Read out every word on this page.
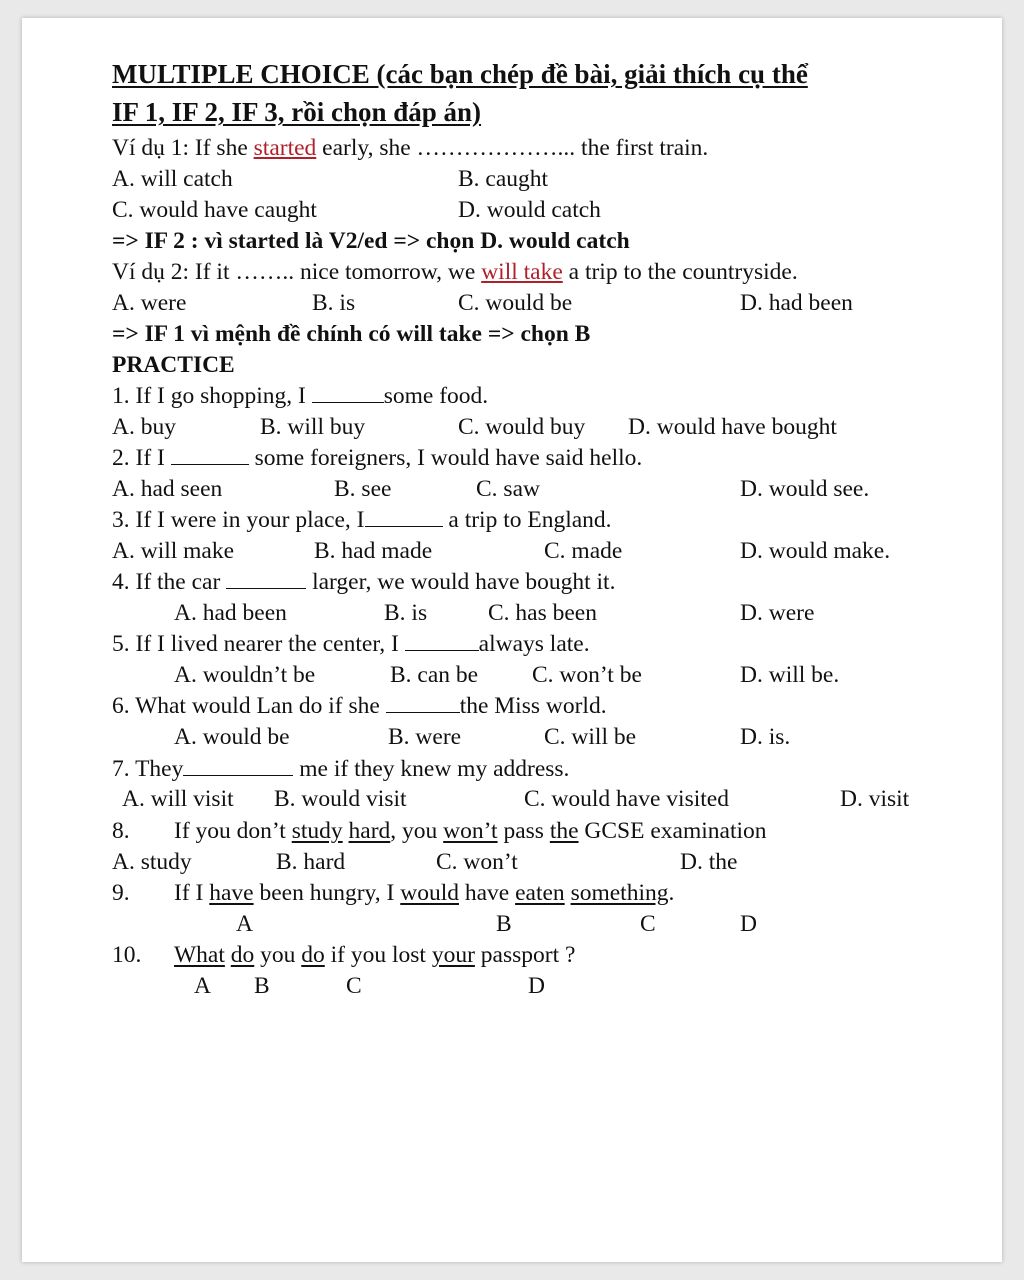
MULTIPLE CHOICE (các bạn chép đề bài, giải thích cụ thể
IF 1, IF 2, IF 3, rồi chọn đáp án)
Ví dụ 1: If she started early, she ………………... the first train.
A. will catch	B. caught
C. would have caught	D. would catch
=> IF 2 : vì started là V2/ed => chọn D. would catch
Ví dụ 2: If it …….. nice tomorrow, we will take a trip to the countryside.
A. were	B. is	C. would be	D. had been
=> IF 1 vì mệnh đề chính có will take => chọn B
PRACTICE
1. If I go shopping, I	some food.
A. buy	B. will buy	C. would buy D. would have bought
2. If I	some foreigners, I would have said hello.
A. had seen	B. see	C. saw	D. would see.
3. If I were in your place, I	a trip to England.
A. will make	B. had made	C. made	D. would make.
4. If the car	larger, we would have bought it.
A. had been	B. is	C. has been	D. were
5. If I lived nearer the center, I	always late.
A. wouldn’t be	B. can be C. won’t be	D. will be.
6. What would Lan do if she	the Miss world.
A. would be	B. were	C. will be	D. is.
7. They	me if they knew my address.
A. will visit B. would visit	C. would have visited	D. visit
8. If you don’t study hard, you won’t pass the GCSE examination
A. study	B. hard	C. won’t	D. the
9. If I have been hungry, I would have eaten something.
A	B	C	D
10. What do you do if you lost your passport ?
A B	C	D
